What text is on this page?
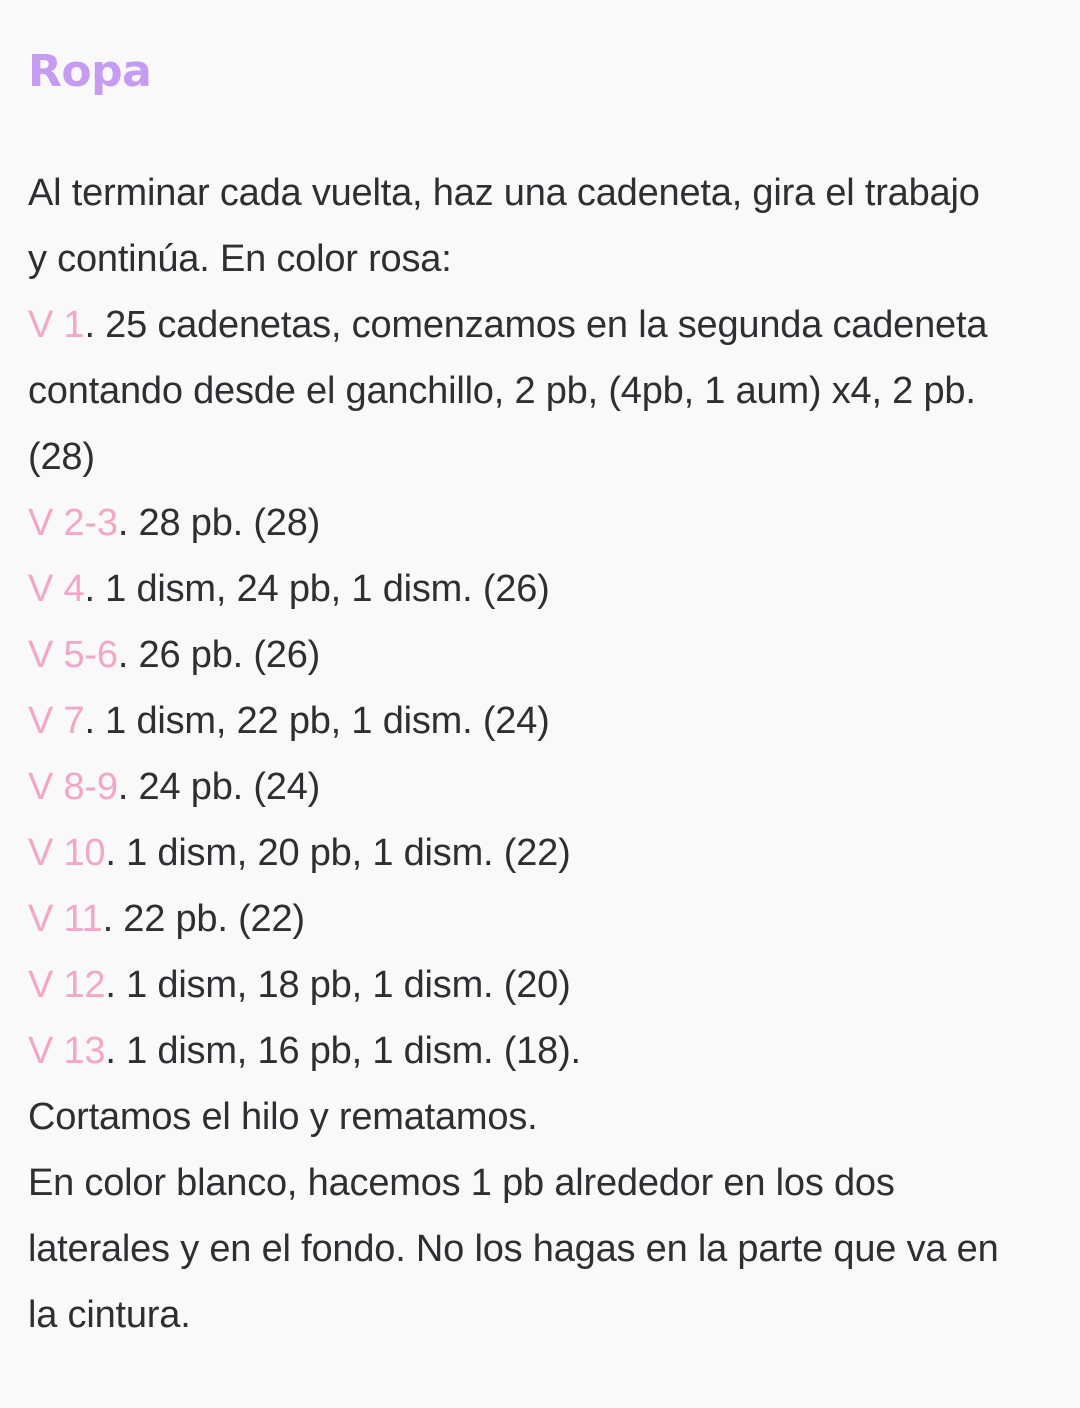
Ropa
Al terminar cada vuelta, haz una cadeneta, gira el trabajo
y continúa. En color rosa:
V 1. 25 cadenetas, comenzamos en la segunda cadeneta
contando desde el ganchillo, 2 pb, (4pb, 1 aum) x4, 2 pb.
(28)
V 2-3. 28 pb. (28)
V 4. 1 dism, 24 pb, 1 dism. (26)
V 5-6. 26 pb. (26)
V 7. 1 dism, 22 pb, 1 dism. (24)
V 8-9. 24 pb. (24)
V 10. 1 dism, 20 pb, 1 dism. (22)
V 11. 22 pb. (22)
V 12. 1 dism, 18 pb, 1 dism. (20)
V 13. 1 dism, 16 pb, 1 dism. (18).
Cortamos el hilo y rematamos.
En color blanco, hacemos 1 pb alrededor en los dos
laterales y en el fondo. No los hagas en la parte que va en
la cintura.
